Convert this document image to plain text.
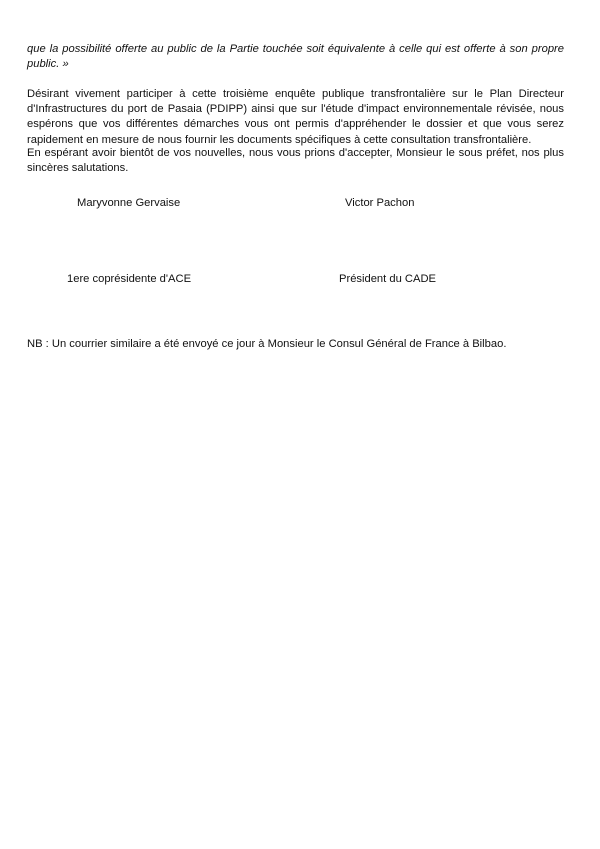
que la possibilité offerte au public de la Partie touchée soit équivalente à celle qui est offerte à son propre public. »

Désirant vivement participer à cette troisième enquête publique transfrontalière sur le Plan Directeur d'Infrastructures du port de Pasaia (PDIPP) ainsi que sur l'étude d'impact environnementale révisée, nous espérons que vos différentes démarches vous ont permis d'appréhender le dossier et que vous serez rapidement en mesure de nous fournir les documents spécifiques à cette consultation transfrontalière.

En espérant avoir bientôt de vos nouvelles, nous vous prions d'accepter, Monsieur le sous préfet, nos plus sincères salutations.

Maryvonne Gervaise	Victor Pachon

1ere coprésidente d'ACE	Président du CADE

NB : Un courrier similaire a été envoyé ce jour à Monsieur le Consul Général de France à Bilbao.
